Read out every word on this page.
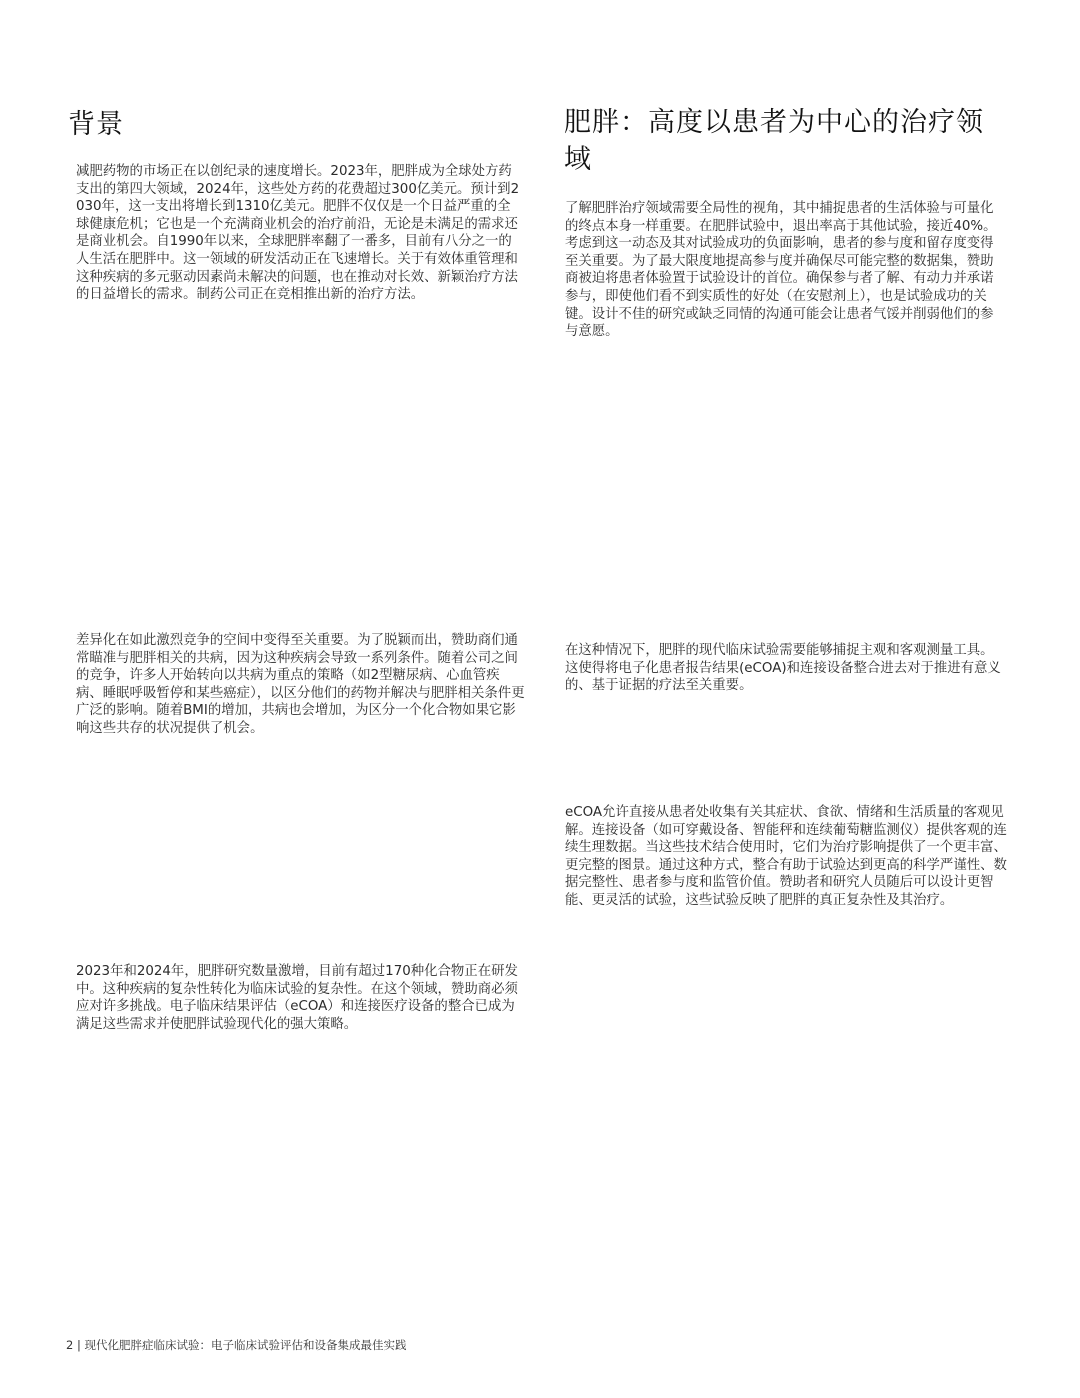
背景

减肥药物的市场正在以创纪录的速度增长。2023年，肥胖成为全球处方药支出的第四大领域，2024年，这些处方药的花费超过300亿美元。预计到2030年，这一支出将增长到1310亿美元。肥胖不仅仅是一个日益严重的全球健康危机；它也是一个充满商业机会的治疗前沿，无论是未满足的需求还是商业机会。自1990年以来，全球肥胖率翻了一番多，目前有八分之一的人生活在肥胖中。这一领域的研发活动正在飞速增长。关于有效体重管理和这种疾病的多元驱动因素尚未解决的问题，也在推动对长效、新颖治疗方法的日益增长的需求。制药公司正在竞相推出新的治疗方法。

差异化在如此激烈竞争的空间中变得至关重要。为了脱颖而出，赞助商们通常瞄准与肥胖相关的共病，因为这种疾病会导致一系列条件。随着公司之间的竞争，许多人开始转向以共病为重点的策略（如2型糖尿病、心血管疾病、睡眠呼吸暂停和某些癌症），以区分他们的药物并解决与肥胖相关条件更广泛的影响。随着BMI的增加，共病也会增加，为区分一个化合物如果它影响这些共存的状况提供了机会。

2023年和2024年，肥胖研究数量激增，目前有超过170种化合物正在研发中。这种疾病的复杂性转化为临床试验的复杂性。在这个领域，赞助商必须应对许多挑战。电子临床结果评估（eCOA）和连接医疗设备的整合已成为满足这些需求并使肥胖试验现代化的强大策略。

肥胖：高度以患者为中心的治疗领域

了解肥胖治疗领域需要全局性的视角，其中捕捉患者的生活体验与可量化的终点本身一样重要。在肥胖试验中，退出率高于其他试验，接近40%。考虑到这一动态及其对试验成功的负面影响，患者的参与度和留存度变得至关重要。为了最大限度地提高参与度并确保尽可能完整的数据集，赞助商被迫将患者体验置于试验设计的首位。确保参与者了解、有动力并承诺参与，即使他们看不到实质性的好处（在安慰剂上），也是试验成功的关键。设计不佳的研究或缺乏同情的沟通可能会让患者气馁并削弱他们的参与意愿。

在这种情况下，肥胖的现代临床试验需要能够捕捉主观和客观测量工具。这使得将电子化患者报告结果(eCOA)和连接设备整合进去对于推进有意义的、基于证据的疗法至关重要。

eCOA允许直接从患者处收集有关其症状、食欲、情绪和生活质量的客观见解。连接设备（如可穿戴设备、智能秤和连续葡萄糖监测仪）提供客观的连续生理数据。当这些技术结合使用时，它们为治疗影响提供了一个更丰富、更完整的图景。通过这种方式，整合有助于试验达到更高的科学严谨性、数据完整性、患者参与度和监管价值。赞助者和研究人员随后可以设计更智能、更灵活的试验，这些试验反映了肥胖的真正复杂性及其治疗。

2 | 现代化肥胖症临床试验：电子临床试验评估和设备集成最佳实践
